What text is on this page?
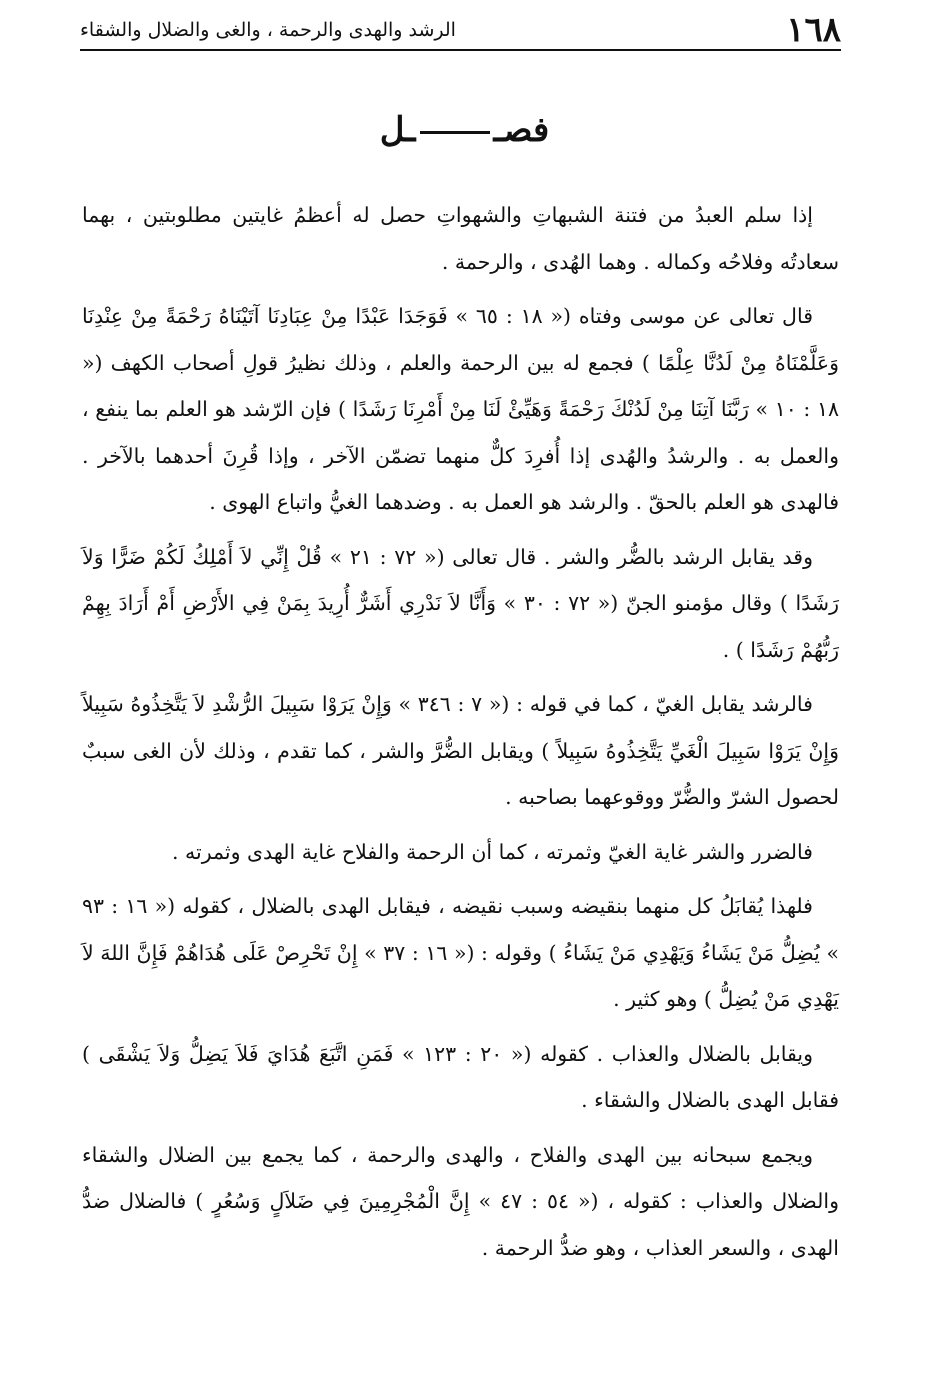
١٦٨
الرشد والهدى والرحمة ، والغى والضلال والشقاء
فصــل

إذا سلم العبدُ من فتنة الشبهاتِ والشهواتِ حصل له أعظمُ غايتين مطلوبتين ، بهما سعادتُه وفلاحُه وكماله . وهما الهُدى ، والرحمة .

قال تعالى عن موسى وفتاه (« ١٨ : ٦٥ » فَوَجَدَا عَبْدًا مِنْ عِبَادِنَا آتَيْنَاهُ رَحْمَةً مِنْ عِنْدِنَا وَعَلَّمْنَاهُ مِنْ لَدُنَّا عِلْمًا ) فجمع له بين الرحمة والعلم ، وذلك نظيرُ قولِ أصحاب الكهف (« ١٨ : ١٠ » رَبَّنَا آتِنَا مِنْ لَدُنْكَ رَحْمَةً وَهَيِّئْ لَنَا مِنْ أَمْرِنَا رَشَدًا ) فإن الرّشد هو العلم بما ينفع ، والعمل به . والرشدُ والهُدى إذا أُفرِدَ كلٌّ منهما تضمّن الآخر ، وإذا قُرِنَ أحدهما بالآخر . فالهدى هو العلم بالحقّ . والرشد هو العمل به . وضدهما الغيُّ واتباع الهوى .

وقد يقابل الرشد بالضُّر والشر . قال تعالى (« ٧٢ : ٢١ » قُلْ إِنِّي لاَ أَمْلِكُ لَكُمْ ضَرًّا وَلاَ رَشَدًا ) وقال مؤمنو الجنّ (« ٧٢ : ٣٠ » وَأَنَّا لاَ نَدْرِي أَشَرٌّ أُرِيدَ بِمَنْ فِي الأَرْضِ أَمْ أَرَادَ بِهِمْ رَبُّهُمْ رَشَدًا ) .

فالرشد يقابل الغيّ ، كما في قوله : (« ٧ : ٣٤٦ » وَإِنْ يَرَوْا سَبِيلَ الرُّشْدِ لاَ يَتَّخِذُوهُ سَبِيلاً وَإِنْ يَرَوْا سَبِيلَ الْغَيِّ يَتَّخِذُوهُ سَبِيلاً ) ويقابل الضُّرَّ والشر ، كما تقدم ، وذلك لأن الغى سببٌ لحصول الشرّ والضُّرّ ووقوعهما بصاحبه .

فالضرر والشر غاية الغيّ وثمرته ، كما أن الرحمة والفلاح غاية الهدى وثمرته .

فلهذا يُقابَلُ كل منهما بنقيضه وسبب نقيضه ، فيقابل الهدى بالضلال ، كقوله (« ١٦ : ٩٣ » يُضِلُّ مَنْ يَشَاءُ وَيَهْدِي مَنْ يَشَاءُ ) وقوله : (« ١٦ : ٣٧ » إِنْ تَحْرِصْ عَلَى هُدَاهُمْ فَإِنَّ اللهَ لاَ يَهْدِي مَنْ يُضِلُّ ) وهو كثير .

ويقابل بالضلال والعذاب . كقوله (« ٢٠ : ١٢٣ » فَمَنِ اتَّبَعَ هُدَايَ فَلاَ يَضِلُّ وَلاَ يَشْقَى ) فقابل الهدى بالضلال والشقاء .

ويجمع سبحانه بين الهدى والفلاح ، والهدى والرحمة ، كما يجمع بين الضلال والشقاء والضلال والعذاب : كقوله ، (« ٥٤ : ٤٧ » إِنَّ الْمُجْرِمِينَ فِي ضَلاَلٍ وَسُعُرٍ ) فالضلال ضدُّ الهدى ، والسعر العذاب ، وهو ضدُّ الرحمة .
